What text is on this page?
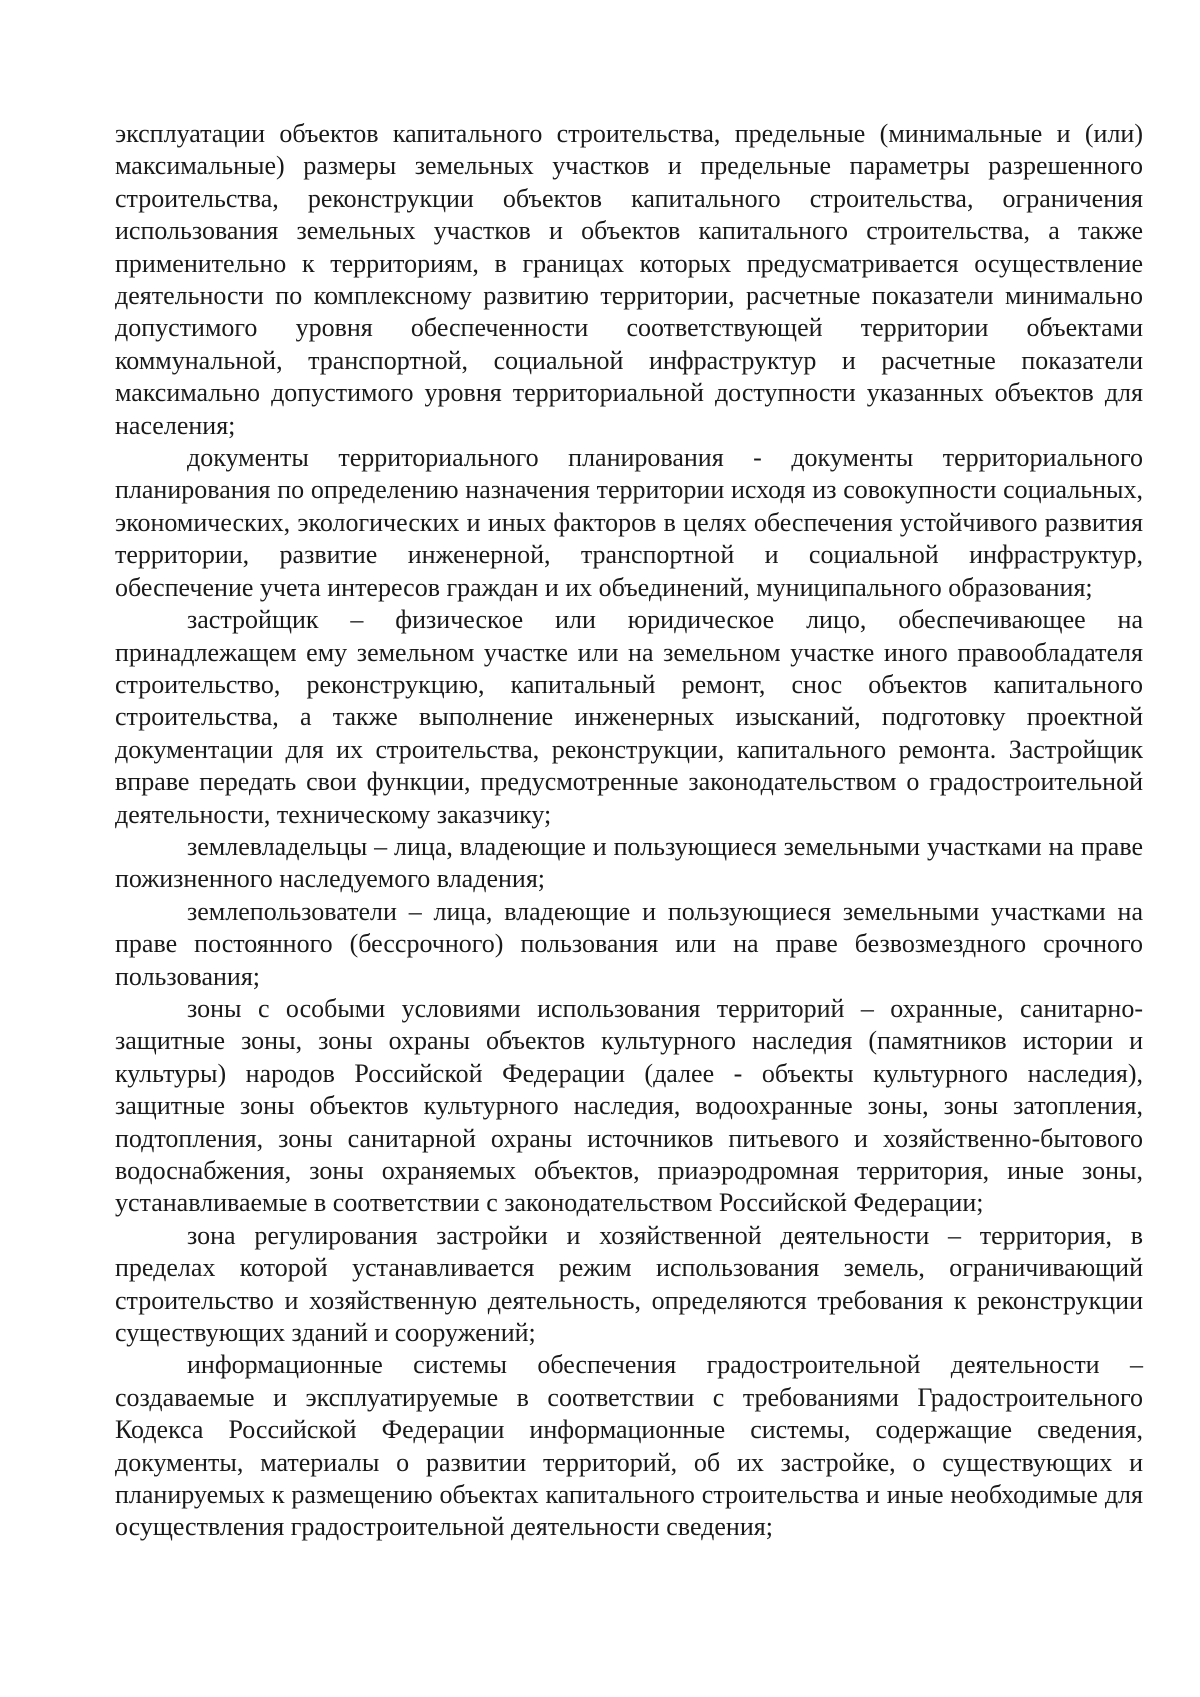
эксплуатации объектов капитального строительства, предельные (минимальные и (или) максимальные) размеры земельных участков и предельные параметры разрешенного строительства, реконструкции объектов капитального строительства, ограничения использования земельных участков и объектов капитального строительства, а также применительно к территориям, в границах которых предусматривается осуществление деятельности по комплексному развитию территории, расчетные показатели минимально допустимого уровня обеспеченности соответствующей территории объектами коммунальной, транспортной, социальной инфраструктур и расчетные показатели максимально допустимого уровня территориальной доступности указанных объектов для населения;

документы территориального планирования - документы территориального планирования по определению назначения территории исходя из совокупности социальных, экономических, экологических и иных факторов в целях обеспечения устойчивого развития территории, развитие инженерной, транспортной и социальной инфраструктур, обеспечение учета интересов граждан и их объединений, муниципального образования;

застройщик – физическое или юридическое лицо, обеспечивающее на принадлежащем ему земельном участке или на земельном участке иного правообладателя строительство, реконструкцию, капитальный ремонт, снос объектов капитального строительства, а также выполнение инженерных изысканий, подготовку проектной документации для их строительства, реконструкции, капитального ремонта. Застройщик вправе передать свои функции, предусмотренные законодательством о градостроительной деятельности, техническому заказчику;

землевладельцы – лица, владеющие и пользующиеся земельными участками на праве пожизненного наследуемого владения;

землепользователи – лица, владеющие и пользующиеся земельными участками на праве постоянного (бессрочного) пользования или на праве безвозмездного срочного пользования;

зоны с особыми условиями использования территорий – охранные, санитарно-защитные зоны, зоны охраны объектов культурного наследия (памятников истории и культуры) народов Российской Федерации (далее - объекты культурного наследия), защитные зоны объектов культурного наследия, водоохранные зоны, зоны затопления, подтопления, зоны санитарной охраны источников питьевого и хозяйственно-бытового водоснабжения, зоны охраняемых объектов, приаэродромная территория, иные зоны, устанавливаемые в соответствии с законодательством Российской Федерации;

зона регулирования застройки и хозяйственной деятельности – территория, в пределах которой устанавливается режим использования земель, ограничивающий строительство и хозяйственную деятельность, определяются требования к реконструкции существующих зданий и сооружений;

информационные системы обеспечения градостроительной деятельности – создаваемые и эксплуатируемые в соответствии с требованиями Градостроительного Кодекса Российской Федерации информационные системы, содержащие сведения, документы, материалы о развитии территорий, об их застройке, о существующих и планируемых к размещению объектах капитального строительства и иные необходимые для осуществления градостроительной деятельности сведения;
